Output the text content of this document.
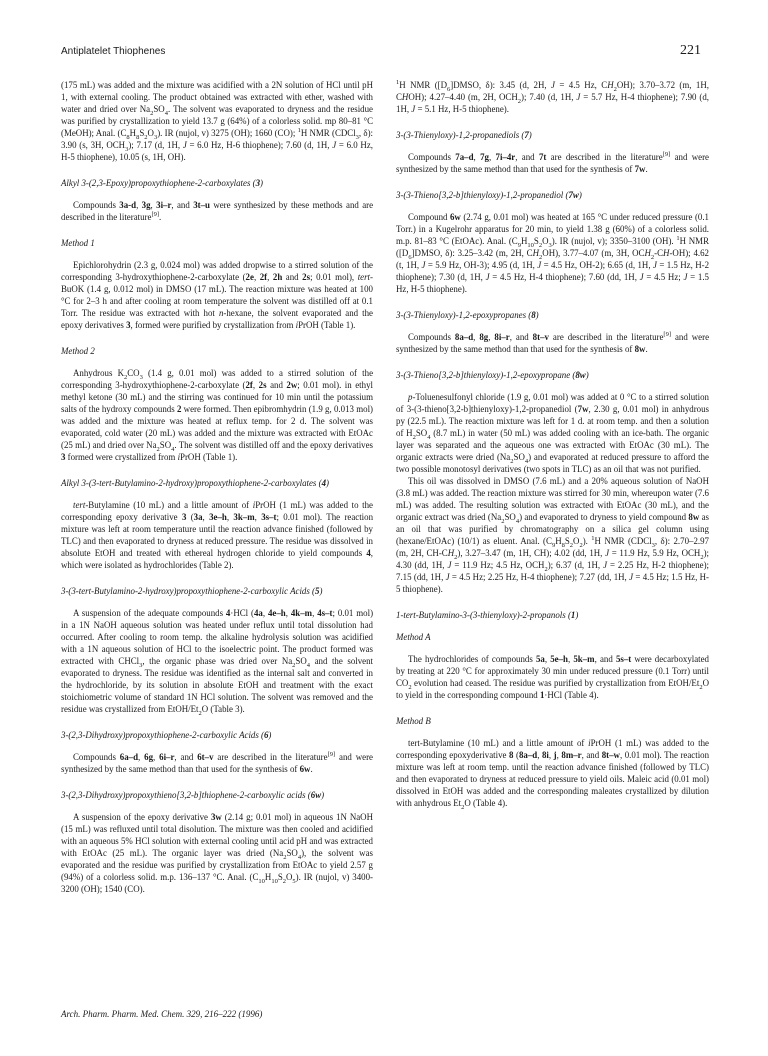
Antiplatelet Thiophenes	221

(175 mL) was added and the mixture was acidified with a 2N solution of HCl until pH 1, with external cooling. The product obtained was extracted with ether, washed with water and dried over $Na_2SO_4$. The solvent was evaporated to dryness and the residue was purified by crystallization to yield 13.7 g (64%) of a colorless solid. mp 80–81 °C (MeOH); Anal. $(C_8H_8S_2O_3)$. IR (nujol, v) 3275 (OH); 1660 (CO); $^1$H NMR (CDCl$_3$, δ): 3.90 (s, 3H, $OCH_3$); 7.17 (d, 1H, J = 6.0 Hz, H-6 thiophene); 7.60 (d, 1H, J = 6.0 Hz, H-5 thiophene), 10.05 (s, 1H, OH).

Alkyl 3-(2,3-Epoxy)propoxythiophene-2-carboxylates (3)

Compounds 3a-d, 3g, 3i–r, and 3t–u were synthesized by these methods and are described in the literature[9].

Method 1

Epichlorohydrin (2.3 g, 0.024 mol) was added dropwise to a stirred solution of the corresponding 3-hydroxythiophene-2-carboxylate (2e, 2f, 2h and 2s; 0.01 mol), tert-BuOK (1.4 g, 0.012 mol) in DMSO (17 mL). The reaction mixture was heated at 100 °C for 2–3 h and after cooling at room temperature the solvent was distilled off at 0.1 Torr. The residue was extracted with hot n-hexane, the solvent evaporated and the epoxy derivatives 3, formed were purified by crystallization from iPrOH (Table 1).

Method 2

Anhydrous $K_2CO_3$ (1.4 g, 0.01 mol) was added to a stirred solution of the corresponding 3-hydroxythiophene-2-carboxylate (2f, 2s and 2w; 0.01 mol). in ethyl methyl ketone (30 mL) and the stirring was continued for 10 min until the potassium salts of the hydroxy compounds 2 were formed. Then epibromhydrin (1.9 g, 0.013 mol) was added and the mixture was heated at reflux temp. for 2 d. The solvent was evaporated, cold water (20 mL) was added and the mixture was extracted with EtOAc (25 mL) and dried over $Na_2SO_4$. The solvent was distilled off and the epoxy derivatives 3 formed were crystallized from iPrOH (Table 1).

Alkyl 3-(3-tert-Butylamino-2-hydroxy)propoxythiophene-2-carboxylates (4)

tert-Butylamine (10 mL) and a little amount of iPrOH (1 mL) was added to the corresponding epoxy derivative 3 (3a, 3e–h, 3k–m, 3s–t; 0.01 mol). The reaction mixture was left at room temperature until the reaction advance finished (followed by TLC) and then evaporated to dryness at reduced pressure. The residue was dissolved in absolute EtOH and treated with ethereal hydrogen chloride to yield compounds 4, which were isolated as hydrochlorides (Table 2).

3-(3-tert-Butylamino-2-hydroxy)propoxythiophene-2-carboxylic Acids (5)

A suspension of the adequate compounds 4·HCl (4a, 4e–h, 4k–m, 4s–t; 0.01 mol) in a 1N NaOH aqueous solution was heated under reflux until total dissolution had occurred. After cooling to room temp. the alkaline hydrolysis solution was acidified with a 1N aqueous solution of HCl to the isoelectric point. The product formed was extracted with CHCl$_3$, the organic phase was dried over $Na_2SO_4$ and the solvent evaporated to dryness. The residue was identified as the internal salt and converted in the hydrochloride, by its solution in absolute EtOH and treatment with the exact stoichiometric volume of standard 1N HCl solution. The solvent was removed and the residue was crystallized from EtOH/$Et_2O$ (Table 3).

3-(2,3-Dihydroxy)propoxythiophene-2-carboxylic Acids (6)

Compounds 6a–d, 6g, 6i–r, and 6t–v are described in the literature[9] and were synthesized by the same method than that used for the synthesis of 6w.

3-(2,3-Dihydroxy)propoxythieno[3,2-b]thiophene-2-carboxylic acids (6w)

A suspension of the epoxy derivative 3w (2.14 g; 0.01 mol) in aqueous 1N NaOH (15 mL) was refluxed until total disolution. The mixture was then cooled and acidified with an aqueous 5% HCl solution with external cooling until acid pH and was extracted with EtOAc (25 mL). The organic layer was dried $(Na_2SO_4)$, the solvent was evaporated and the residue was purified by crystallization from EtOAc to yield 2.57 g (94%) of a colorless solid. m.p. 136–137 °C. Anal. $(C_{10}H_{10}S_2O_5)$. IR (nujol, v) 3400-3200 (OH); 1540 (CO).

$^1$H NMR ($[D_6]DMSO$, δ): 3.45 (d, 2H, J = 4.5 Hz, $CH_2OH$); 3.70–3.72 (m, 1H, CHOH); 4.27–4.40 (m, 2H, $OCH_2$); 7.40 (d, 1H, J = 5.7 Hz, H-4 thiophene); 7.90 (d, 1H, J = 5.1 Hz, H-5 thiophene).

3-(3-Thienyloxy)-1,2-propanediols (7)

Compounds 7a–d, 7g, 7i–4r, and 7t are described in the literature[9] and were synthesized by the same method than that used for the synthesis of 7w.

3-(3-Thieno[3,2-b]thienyloxy)-1,2-propanediol (7w)

Compound 6w (2.74 g, 0.01 mol) was heated at 165 °C under reduced pressure (0.1 Torr.) in a Kugelrohr apparatus for 20 min, to yield 1.38 g (60%) of a colorless solid. m.p. 81–83 °C (EtOAc). Anal. $(C_9H_{10}S_2O_3)$. IR (nujol, v); 3350–3100 (OH). $^1$H NMR ($[D_6]DMSO$, δ): 3.25–3.42 (m, 2H, $CH_2OH$), 3.77–4.07 (m, 3H, $OCH_2-CH-OH$); 4.62 (t, 1H, J = 5.9 Hz, OH-3); 4.95 (d, 1H, J = 4.5 Hz, OH-2); 6.65 (d, 1H, J = 1.5 Hz, H-2 thiophene); 7.30 (d, 1H, J = 4.5 Hz, H-4 thiophene); 7.60 (dd, 1H, J = 4.5 Hz; J = 1.5 Hz, H-5 thiophene).

3-(3-Thienyloxy)-1,2-epoxypropanes (8)

Compounds 8a–d, 8g, 8i–r, and 8t–v are described in the literature[9] and were synthesized by the same method than that used for the synthesis of 8w.

3-(3-Thieno[3,2-b]thienyloxy)-1,2-epoxypropane (8w)

p-Toluenesulfonyl chloride (1.9 g, 0.01 mol) was added at 0 °C to a stirred solution of 3-(3-thieno[3,2-b]thienyloxy)-1,2-propanediol (7w, 2.30 g, 0.01 mol) in anhydrous py (22.5 mL). The reaction mixture was left for 1 d. at room temp. and then a solution of $H_2SO_4$ (8.7 mL) in water (50 mL) was added cooling with an ice-bath. The organic layer was separated and the aqueous one was extracted with EtOAc (30 mL). The organic extracts were dried $(Na_2SO_4)$ and evaporated at reduced pressure to afford the two possible monotosyl derivatives (two spots in TLC) as an oil that was not purified.

This oil was dissolved in DMSO (7.6 mL) and a 20% aqueous solution of NaOH (3.8 mL) was added. The reaction mixture was stirred for 30 min, whereupon water (7.6 mL) was added. The resulting solution was extracted with EtOAc (30 mL), and the organic extract was dried $(Na_2SO_4)$ and evaporated to dryness to yield compound 8w as an oil that was purified by chromatography on a silica gel column using (hexane/EtOAc) (10/1) as eluent. Anal. $(C_9H_8S_2O_2)$. $^1$H NMR (CDCl$_3$, δ): 2.70–2.97 (m, 2H, $CH-CH_2$), 3.27–3.47 (m, 1H, CH); 4.02 (dd, 1H, J = 11.9 Hz, 5.9 Hz, $OCH_2$); 4.30 (dd, 1H, J = 11.9 Hz; 4.5 Hz, $OCH_2$); 6.37 (d, 1H, J = 2.25 Hz, H-2 thiophene); 7.15 (dd, 1H, J = 4.5 Hz; 2.25 Hz, H-4 thiophene); 7.27 (dd, 1H, J = 4.5 Hz; 1.5 Hz, H-5 thiophene).

1-tert-Butylamino-3-(3-thienyloxy)-2-propanols (1)
Method A

The hydrochlorides of compounds 5a, 5e–h, 5k–m, and 5s–t were decarboxylated by treating at 220 °C for approximately 30 min under reduced pressure (0.1 Torr) until $CO_2$ evolution had ceased. The residue was purified by crystallization from EtOH/$Et_2O$ to yield in the corresponding compound 1·HCl (Table 4).

Method B

tert-Butylamine (10 mL) and a little amount of iPrOH (1 mL) was added to the corresponding epoxyderivative 8 (8a–d, 8i, j, 8m–r, and 8t–w, 0.01 mol). The reaction mixture was left at room temp. until the reaction advance finished (followed by TLC) and then evaporated to dryness at reduced pressure to yield oils. Maleic acid (0.01 mol) dissolved in EtOH was added and the corresponding maleates crystallized by dilution with anhydrous $Et_2O$ (Table 4).

Arch. Pharm. Pharm. Med. Chem. 329, 216–222 (1996)
